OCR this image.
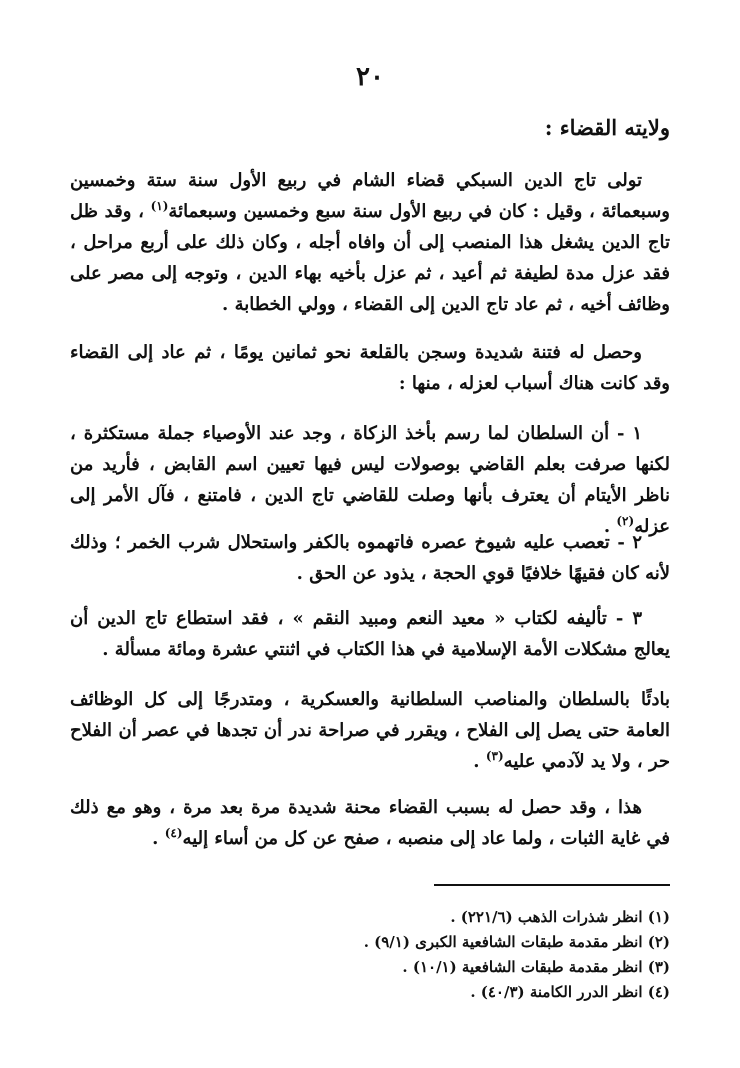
٢٠
ولايته القضاء :

تولى تاج الدين السبكي قضاء الشام في ربيع الأول سنة ستة وخمسين وسبعمائة ، وقيل : كان في ربيع الأول سنة سبع وخمسين وسبعمائة$^{(١)}$ ، وقد ظل تاج الدين يشغل هذا المنصب إلى أن وافاه أجله ، وكان ذلك على أربع مراحل ، فقد عزل مدة لطيفة ثم أعيد ، ثم عزل بأخيه بهاء الدين ، وتوجه إلى مصر على وظائف أخيه ، ثم عاد تاج الدين إلى القضاء ، وولي الخطابة .

وحصل له فتنة شديدة وسجن بالقلعة نحو ثمانين يومًا ، ثم عاد إلى القضاء وقد كانت هناك أسباب لعزله ، منها :

١ - أن السلطان لما رسم بأخذ الزكاة ، وجد عند الأوصياء جملة مستكثرة ، لكنها صرفت بعلم القاضي بوصولات ليس فيها تعيين اسم القابض ، فأريد من ناظر الأيتام أن يعترف بأنها وصلت للقاضي تاج الدين ، فامتنع ، فآل الأمر إلى عزله$^{(٢)}$ .

٢ - تعصب عليه شيوخ عصره فاتهموه بالكفر واستحلال شرب الخمر ؛ وذلك لأنه كان فقيهًا خلافيًا قوي الحجة ، يذود عن الحق .

٣ - تأليفه لكتاب « معيد النعم ومبيد النقم » ، فقد استطاع تاج الدين أن يعالج مشكلات الأمة الإسلامية في هذا الكتاب في اثنتي عشرة ومائة مسألة .

بادئًا بالسلطان والمناصب السلطانية والعسكرية ، ومتدرجًا إلى كل الوظائف العامة حتى يصل إلى الفلاح ، ويقرر في صراحة ندر أن تجدها في عصر أن الفلاح حر ، ولا يد لآدمي عليه$^{(٣)}$ .

هذا ، وقد حصل له بسبب القضاء محنة شديدة مرة بعد مرة ، وهو مع ذلك في غاية الثبات ، ولما عاد إلى منصبه ، صفح عن كل من أساء إليه$^{(٤)}$ .

(١) انظر شذرات الذهب (٢٢١/٦) .
(٢) انظر مقدمة طبقات الشافعية الكبرى (٩/١) .
(٣) انظر مقدمة طبقات الشافعية (١٠/١) .
(٤) انظر الدرر الكامنة (٤٠/٣) .
